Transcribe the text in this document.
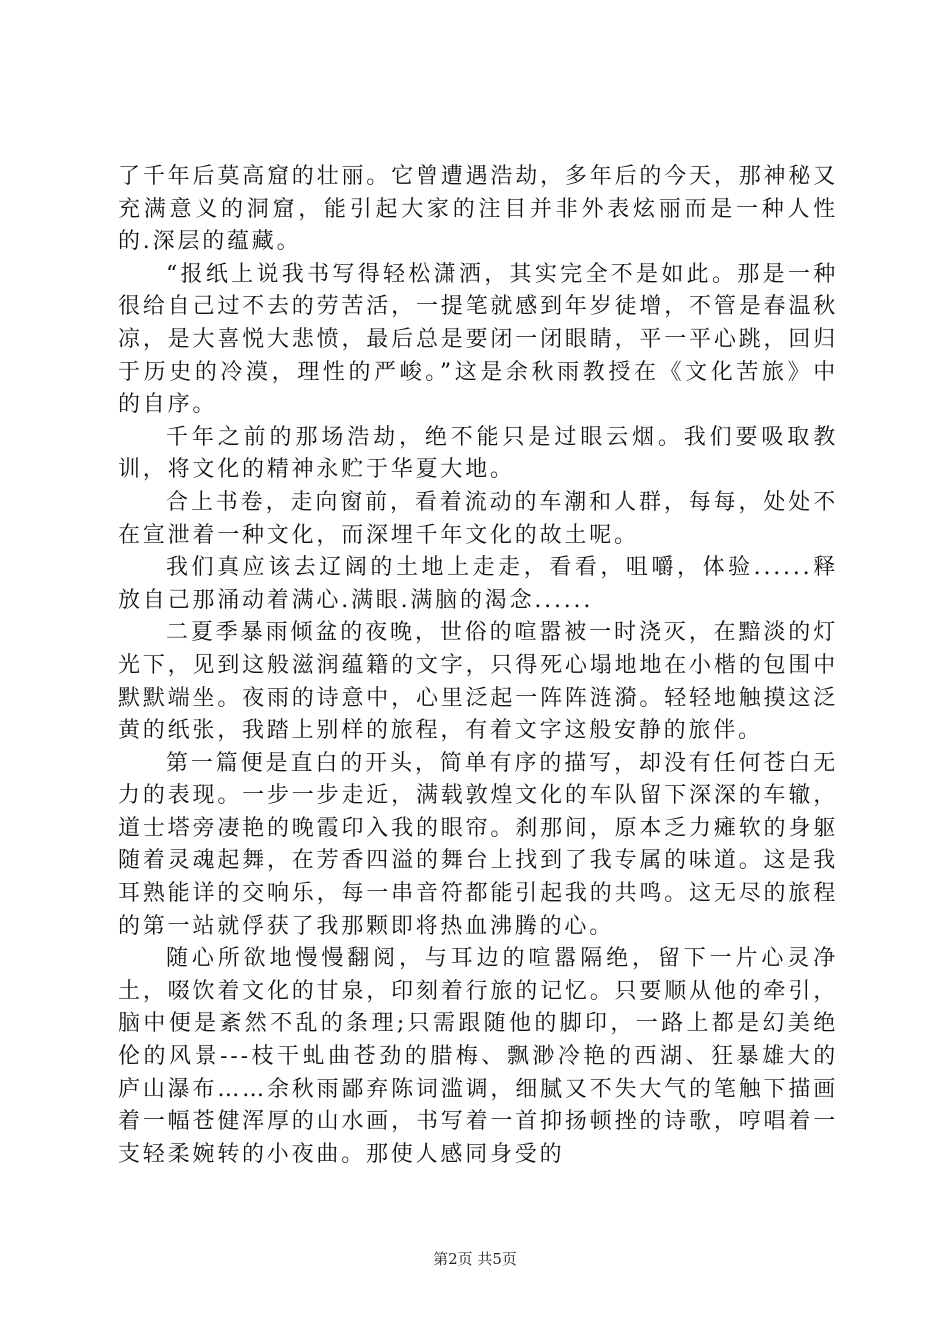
了千年后莫高窟的壮丽。它曾遭遇浩劫，多年后的今天，那神秘又充满意义的洞窟，能引起大家的注目并非外表炫丽而是一种人性的.深层的蕴藏。

“报纸上说我书写得轻松潇洒，其实完全不是如此。那是一种很给自己过不去的劳苦活，一提笔就感到年岁徒增，不管是春温秋凉，是大喜悦大悲愤，最后总是要闭一闭眼睛，平一平心跳，回归于历史的冷漠，理性的严峻。”这是余秋雨教授在《文化苦旅》中的自序。

千年之前的那场浩劫，绝不能只是过眼云烟。我们要吸取教训，将文化的精神永贮于华夏大地。

合上书卷，走向窗前，看着流动的车潮和人群，每每，处处不在宣泄着一种文化，而深埋千年文化的故土呢。

我们真应该去辽阔的土地上走走，看看，咀嚼，体验......释放自己那涌动着满心.满眼.满脑的渴念......

二夏季暴雨倾盆的夜晚，世俗的喧嚣被一时浇灭，在黯淡的灯光下，见到这般滋润蕴籍的文字，只得死心塌地地在小楷的包围中默默端坐。夜雨的诗意中，心里泛起一阵阵涟漪。轻轻地触摸这泛黄的纸张，我踏上别样的旅程，有着文字这般安静的旅伴。

第一篇便是直白的开头，简单有序的描写，却没有任何苍白无力的表现。一步一步走近，满载敦煌文化的车队留下深深的车辙，道士塔旁凄艳的晚霞印入我的眼帘。刹那间，原本乏力瘫软的身躯随着灵魂起舞，在芳香四溢的舞台上找到了我专属的味道。这是我耳熟能详的交响乐，每一串音符都能引起我的共鸣。这无尽的旅程的第一站就俘获了我那颗即将热血沸腾的心。

随心所欲地慢慢翻阅，与耳边的喧嚣隔绝，留下一片心灵净土，啜饮着文化的甘泉，印刻着行旅的记忆。只要顺从他的牵引，脑中便是紊然不乱的条理;只需跟随他的脚印，一路上都是幻美绝伦的风景---枝干虬曲苍劲的腊梅、飘渺冷艳的西湖、狂暴雄大的庐山瀑布……余秋雨鄙弃陈词滥调，细腻又不失大气的笔触下描画着一幅苍健浑厚的山水画，书写着一首抑扬顿挫的诗歌，哼唱着一支轻柔婉转的小夜曲。那使人感同身受的

第2页 共5页
